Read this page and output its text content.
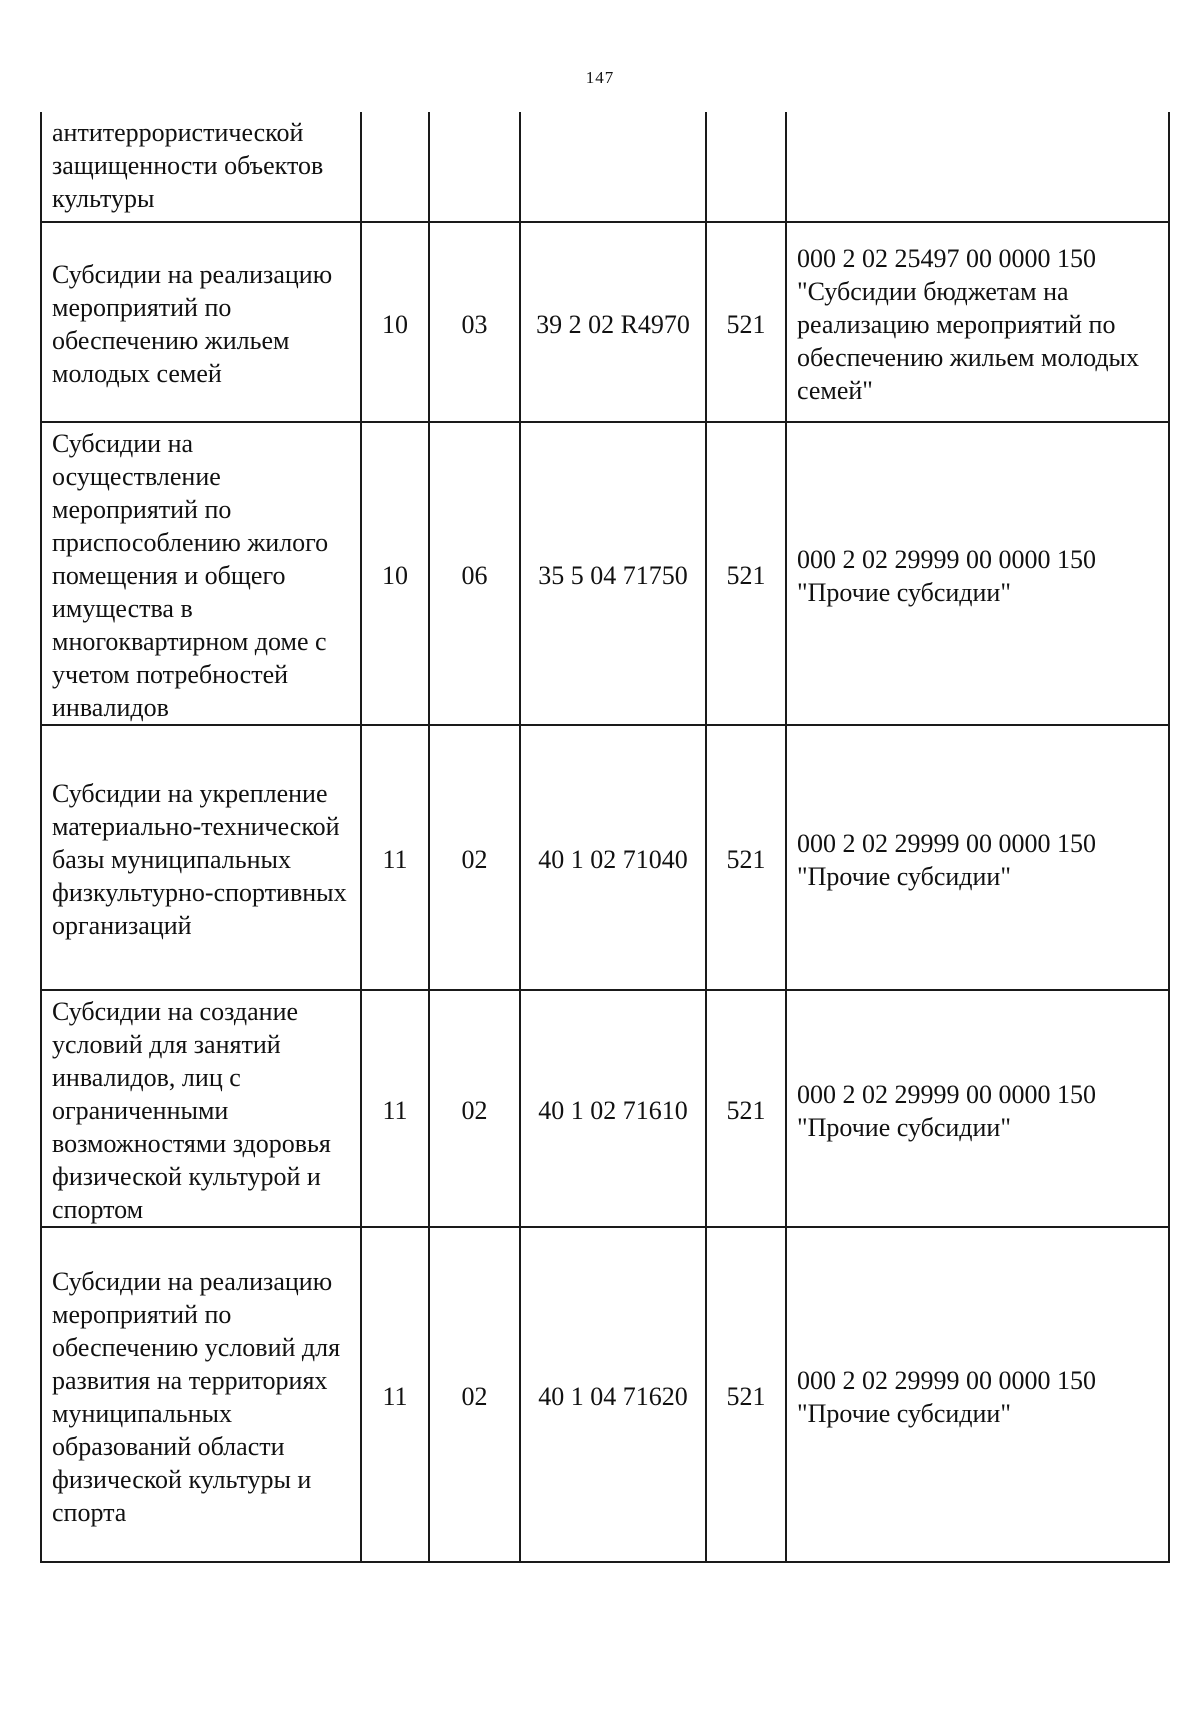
147
антитеррористической защищенности объектов культуры					
Субсидии на реализацию мероприятий по обеспечению жильем молодых семей	10	03	39 2 02 R4970	521	000 2 02 25497 00 0000 150 "Субсидии бюджетам на реализацию мероприятий по обеспечению жильем молодых семей"
Субсидии на осуществление мероприятий по приспособлению жилого помещения и общего имущества в многоквартирном доме с учетом потребностей инвалидов	10	06	35 5 04 71750	521	000 2 02 29999 00 0000 150 "Прочие субсидии"
Субсидии на укрепление материально-технической базы муниципальных физкультурно-спортивных организаций	11	02	40 1 02 71040	521	000 2 02 29999 00 0000 150 "Прочие субсидии"
Субсидии на создание условий для занятий инвалидов, лиц с ограниченными возможностями здоровья физической культурой и спортом	11	02	40 1 02 71610	521	000 2 02 29999 00 0000 150 "Прочие субсидии"
Субсидии на реализацию мероприятий по обеспечению условий для развития на территориях муниципальных образований области физической культуры и спорта	11	02	40 1 04 71620	521	000 2 02 29999 00 0000 150 "Прочие субсидии"
